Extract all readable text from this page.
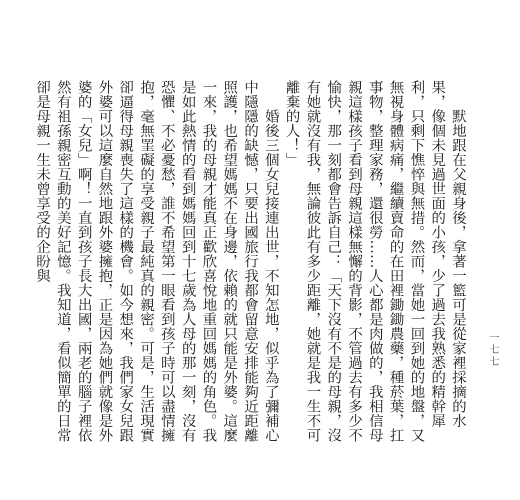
默地跟在父親身後，拿著一籃可是從家裡採摘的水果，像個未見過世面的小孩，少了過去我熟悉的精幹犀利，只剩下憔悴與無措。然而，當她一回到她的地盤，又無視身體病痛，繼續賣命的在田裡鋤鋤農藥，種菸葉，扛事物，整理家務，還很勞……人心都是肉做的，我相信母親這樣孩子看到母親這樣無懈的背影，不管過去有多少不愉快，那一刻都會告訴自己：「天下沒有不是的母親，沒有她就沒有我，無論彼此有多少距離，她就是我一生不可離棄的人！」

婚後三個女兒接連出世，不知怎地，似乎為了彌補心中隱隱的缺憾，只要出國旅行我都會留意安排能夠近距離照護，也希望媽媽不在身邊，依賴的就只能是外婆。這麼一來，我的母親才能真正歡欣喜悅地重回媽媽的角色。我是如此熱情的看到媽媽回到十七歲為人母的那一刻，沒有恐懼、不必憂愁，誰不希望第一眼看到孩子時可以盡情擁抱，毫無罣礙的享受親子最純真的親密。可是，生活現實卻逼得母親喪失了這樣的機會。如今想來，我們家女兒跟外婆可以這麼自然地跟外婆擁抱，正是因為她們就像是外婆的「女兒」啊！一直到孩子長大出國，兩老的腦子裡依然有祖孫親密互動的美好記憶。我知道，看似簡單的日常卻是母親一生未曾享受的企盼與

一七七
